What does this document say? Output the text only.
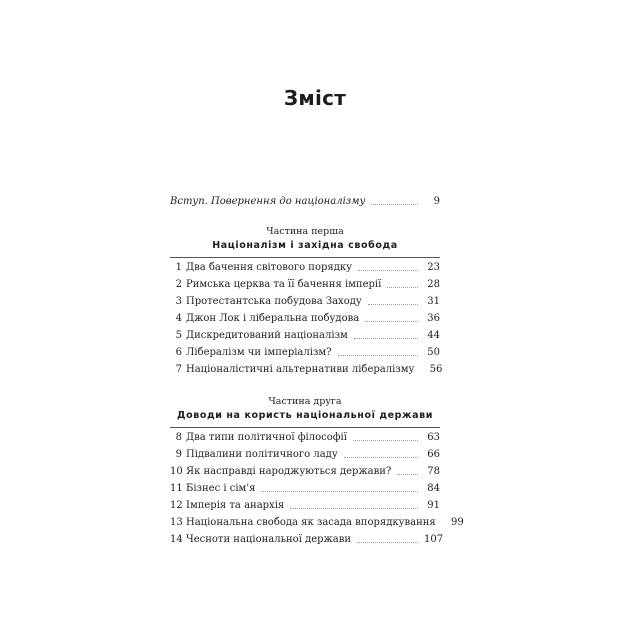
Зміст
Вступ. Повернення до націоналізму	9

Частина перша

Націоналізм і західна свобода

1 Два бачення світового порядку	23
2 Римська церква та її бачення імперії	28
3 Протестантська побудова Заходу	31
4 Джон Лок і ліберальна побудова	36
5 Дискредитований націоналізм	44
6 Лібералізм чи імперіалізм?	50
7 Націоналістичні альтернативи лібералізму	56

Частина друга

Доводи на користь національної держави

8 Два типи політичної філософії	63
9 Підвалини політичного ладу	66
10 Як насправді народжуються держави?	78
11 Бізнес і сім'я	84
12 Імперія та анархія	91
13 Національна свобода як засада впорядкування	99
14 Чесноти національної держави	107
